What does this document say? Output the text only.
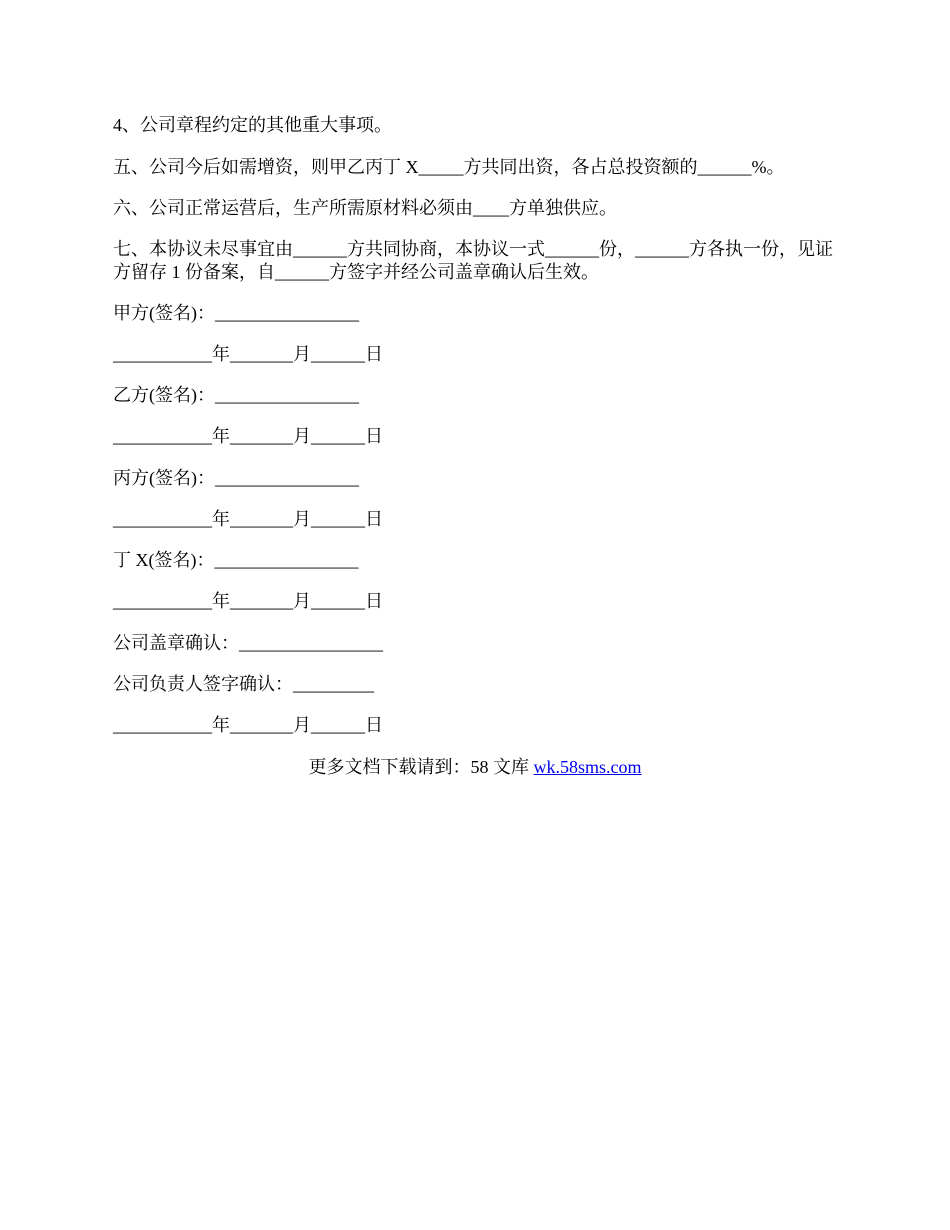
4、公司章程约定的其他重大事项。
五、公司今后如需增资，则甲乙丙丁 X_____方共同出资，各占总投资额的______%。
六、公司正常运营后，生产所需原材料必须由____方单独供应。
七、本协议未尽事宜由______方共同协商，本协议一式______份，______方各执一份，见证方留存 1 份备案，自______方签字并经公司盖章确认后生效。
甲方(签名)：________________
___________年_______月______日
乙方(签名)：________________
___________年_______月______日
丙方(签名)：________________
___________年_______月______日
丁 X(签名)：________________
___________年_______月______日
公司盖章确认：________________
公司负责人签字确认：_________
___________年_______月______日
更多文档下载请到：58 文库 wk.58sms.com
